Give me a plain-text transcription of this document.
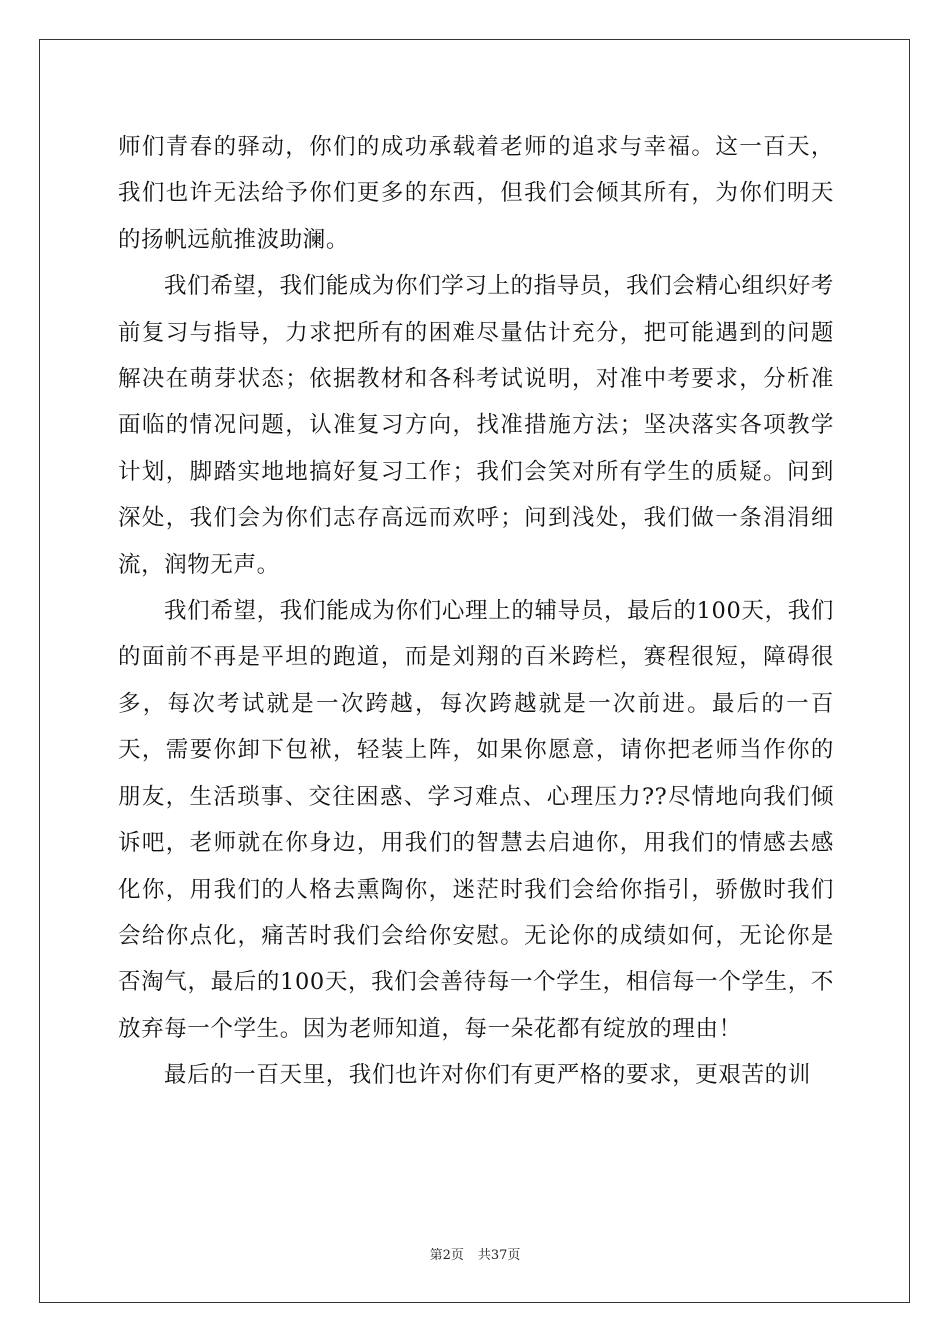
师们青春的驿动，你们的成功承载着老师的追求与幸福。这一百天，我们也许无法给予你们更多的东西，但我们会倾其所有，为你们明天的扬帆远航推波助澜。

我们希望，我们能成为你们学习上的指导员，我们会精心组织好考前复习与指导，力求把所有的困难尽量估计充分，把可能遇到的问题解决在萌芽状态；依据教材和各科考试说明，对准中考要求，分析准面临的情况问题，认准复习方向，找准措施方法；坚决落实各项教学计划，脚踏实地地搞好复习工作；我们会笑对所有学生的质疑。问到深处，我们会为你们志存高远而欢呼；问到浅处，我们做一条涓涓细流，润物无声。

我们希望，我们能成为你们心理上的辅导员，最后的100天，我们的面前不再是平坦的跑道，而是刘翔的百米跨栏，赛程很短，障碍很多，每次考试就是一次跨越，每次跨越就是一次前进。最后的一百天，需要你卸下包袱，轻装上阵，如果你愿意，请你把老师当作你的朋友，生活琐事、交往困惑、学习难点、心理压力??尽情地向我们倾诉吧，老师就在你身边，用我们的智慧去启迪你，用我们的情感去感化你，用我们的人格去熏陶你，迷茫时我们会给你指引，骄傲时我们会给你点化，痛苦时我们会给你安慰。无论你的成绩如何，无论你是否淘气，最后的100天，我们会善待每一个学生，相信每一个学生，不放弃每一个学生。因为老师知道，每一朵花都有绽放的理由！

最后的一百天里，我们也许对你们有更严格的要求，更艰苦的训

第2页 共37页
